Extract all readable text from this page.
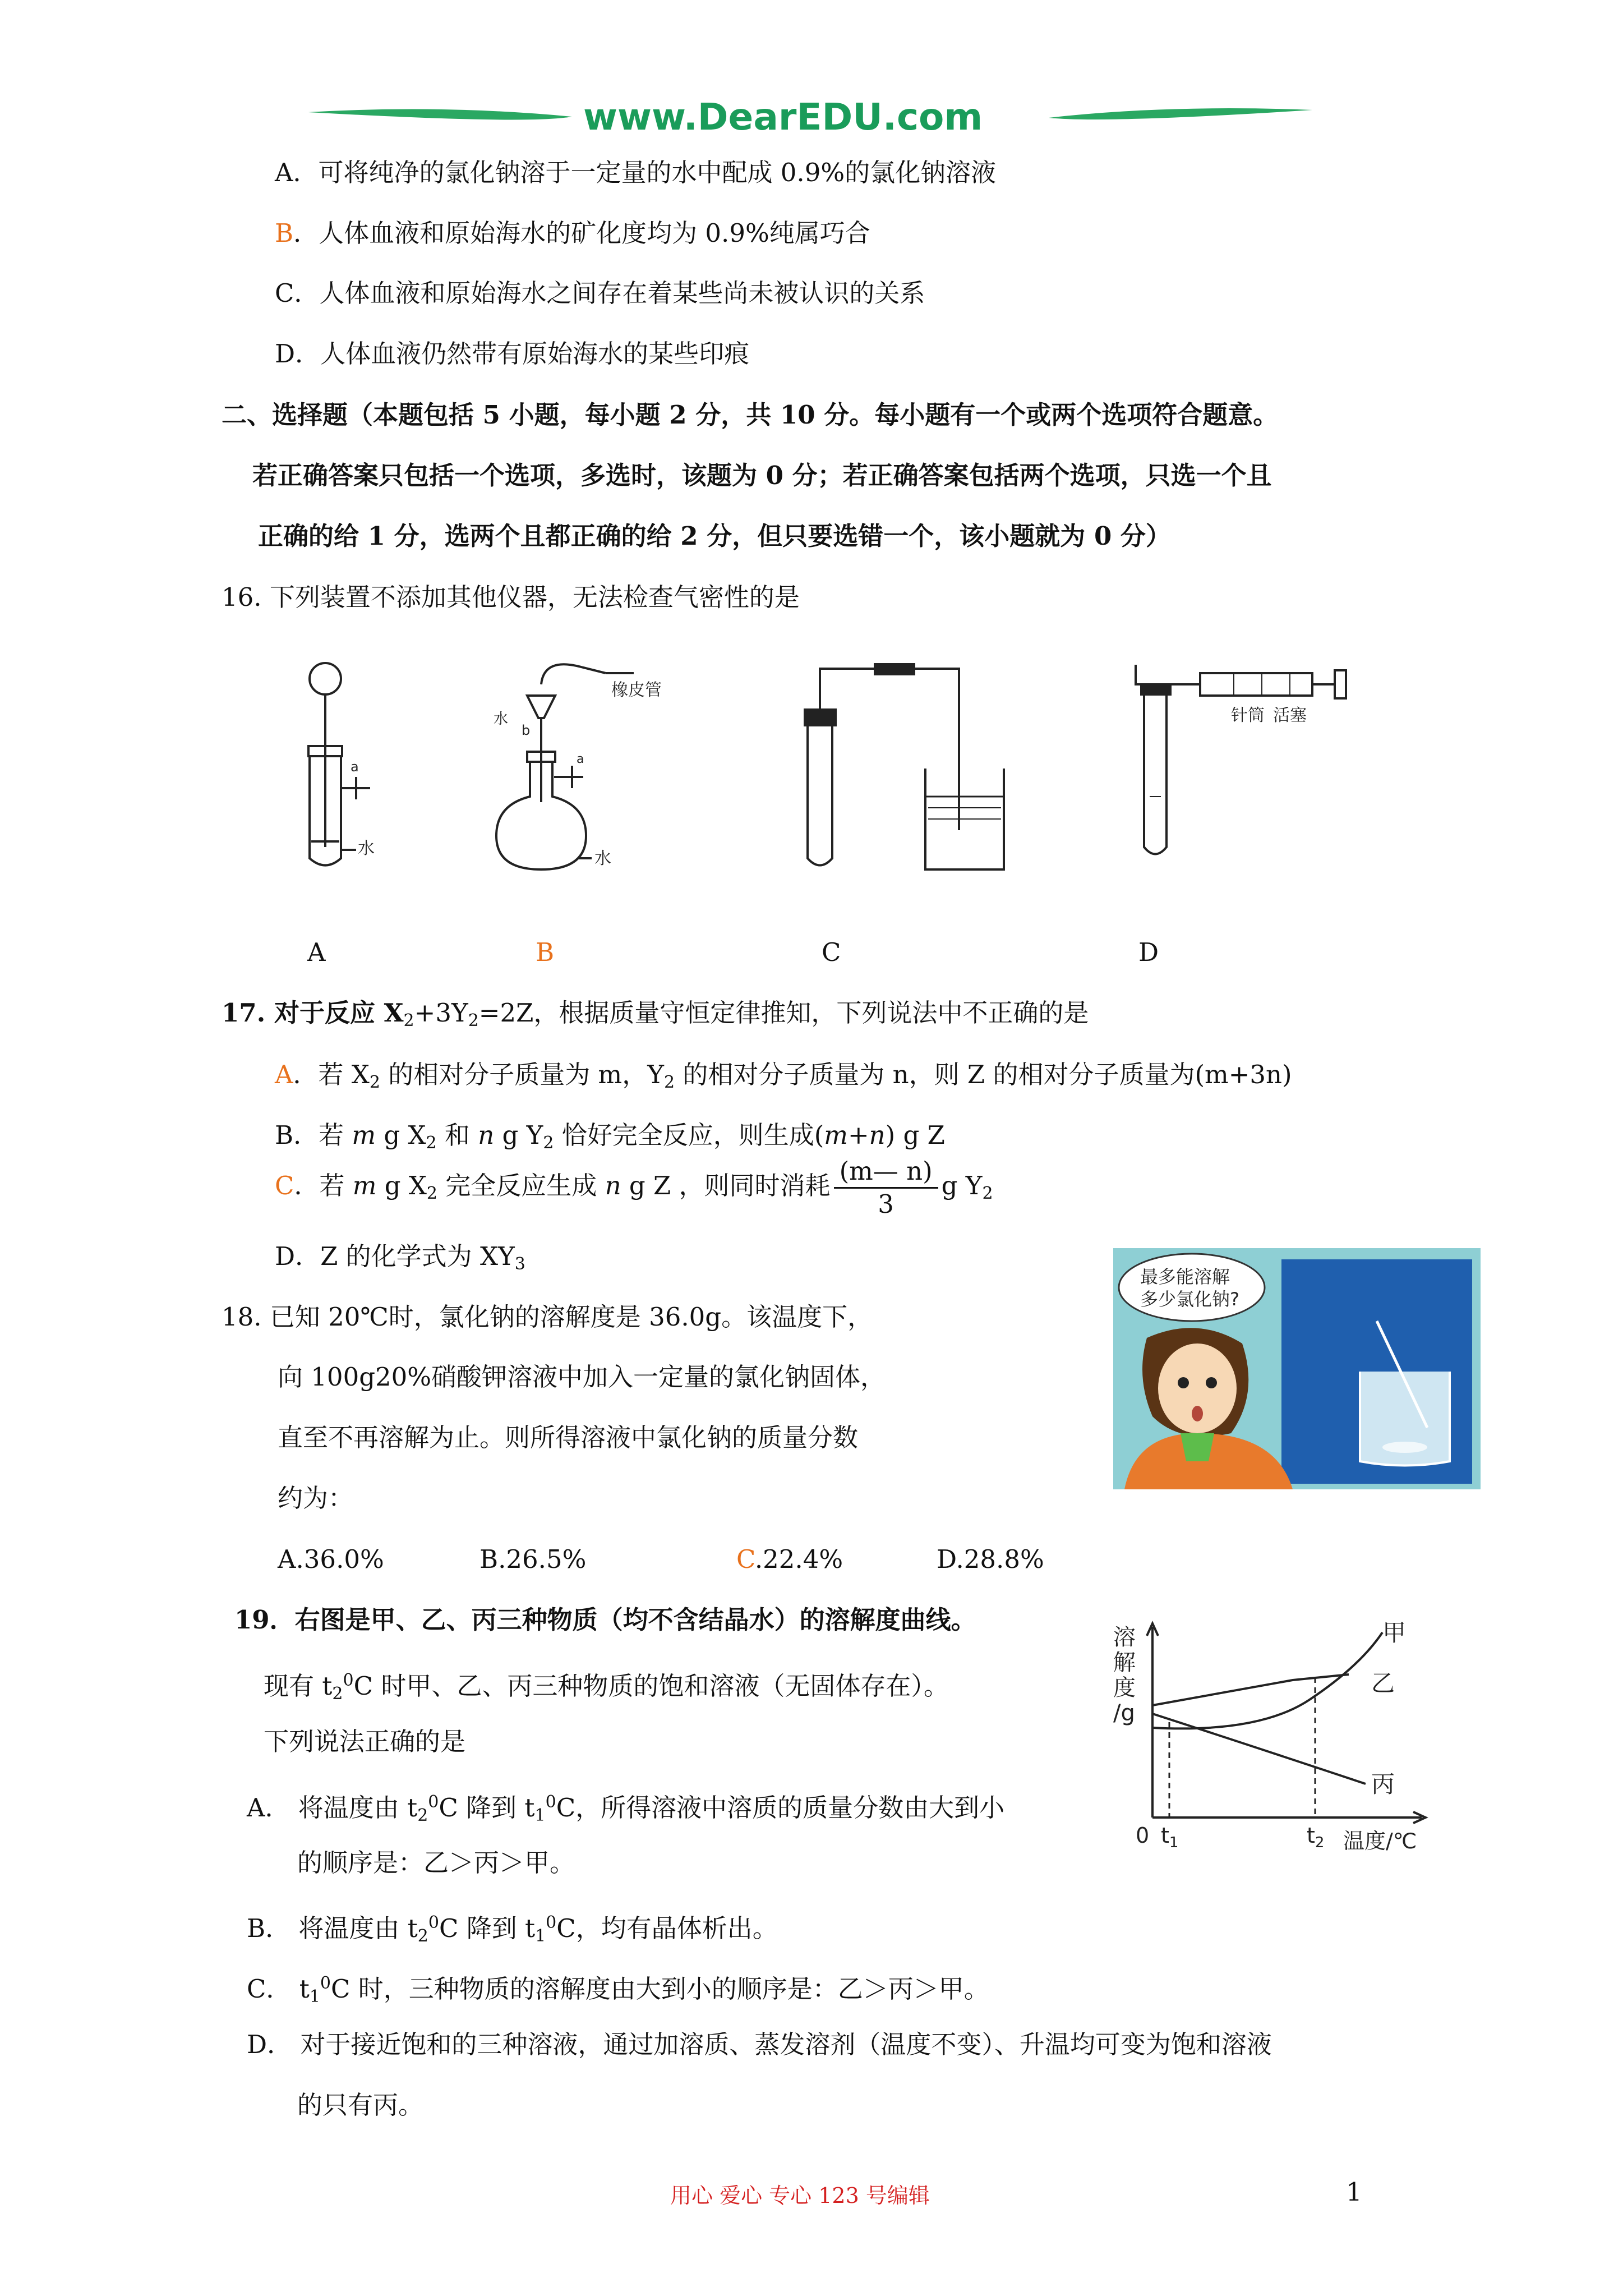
www.DearEDU.com
A．可将纯净的氯化钠溶于一定量的水中配成 0.9%的氯化钠溶液
B．人体血液和原始海水的矿化度均为 0.9%纯属巧合
C．人体血液和原始海水之间存在着某些尚未被认识的关系
D．人体血液仍然带有原始海水的某些印痕
二、选择题（本题包括 5 小题，每小题 2 分，共 10 分。每小题有一个或两个选项符合题意。
若正确答案只包括一个选项，多选时，该题为 0 分；若正确答案包括两个选项，只选一个且
正确的给 1 分，选两个且都正确的给 2 分，但只要选错一个，该小题就为 0 分）
16. 下列装置不添加其他仪器，无法检查气密性的是
水
a
橡皮管
水
b
a
水
针筒 活塞
A	B	C	D
17. 对于反应 $X_2+3Y_2=2Z$，根据质量守恒定律推知，下列说法中不正确的是
A．若 $X_2$ 的相对分子质量为 m，$Y_2$ 的相对分子质量为 n，则 Z 的相对分子质量为(m+3n)
B．若 m g $X_2$ 和 n g $Y_2$ 恰好完全反应，则生成(m+n) g Z
C．若 m g $X_2$ 完全反应生成 n g Z ，则同时消耗 $\frac{(m— n)}{3}$ g $Y_2$
D．Z 的化学式为 $XY_3$
18. 已知 20℃时，氯化钠的溶解度是 36.0g。该温度下，
向 100g20%硝酸钾溶液中加入一定量的氯化钠固体，
直至不再溶解为止。则所得溶液中氯化钠的质量分数
约为：
A.36.0%	B.26.5%	C.22.4%	D.28.8%
最多能溶解
多少氯化钠?
19．右图是甲、乙、丙三种物质（均不含结晶水）的溶解度曲线。
现有 $t_2^0C$ 时甲、乙、丙三种物质的饱和溶液（无固体存在）。
下列说法正确的是
A． 将温度由 $t_2^0C$ 降到 $t_1^0C$，所得溶液中溶质的质量分数由大到小
的顺序是：乙＞丙＞甲。
B． 将温度由 $t_2^0C$ 降到 $t_1^0C$，均有晶体析出。
C． $t_1^0C$ 时，三种物质的溶解度由大到小的顺序是：乙＞丙＞甲。
D． 对于接近饱和的三种溶液，通过加溶质、蒸发溶剂（温度不变）、升温均可变为饱和溶液
的只有丙。
溶
解
度
/g
甲
乙
丙
0 $t_1$	$t_2$ 温度/℃
用心 爱心 专心 123 号编辑	1
